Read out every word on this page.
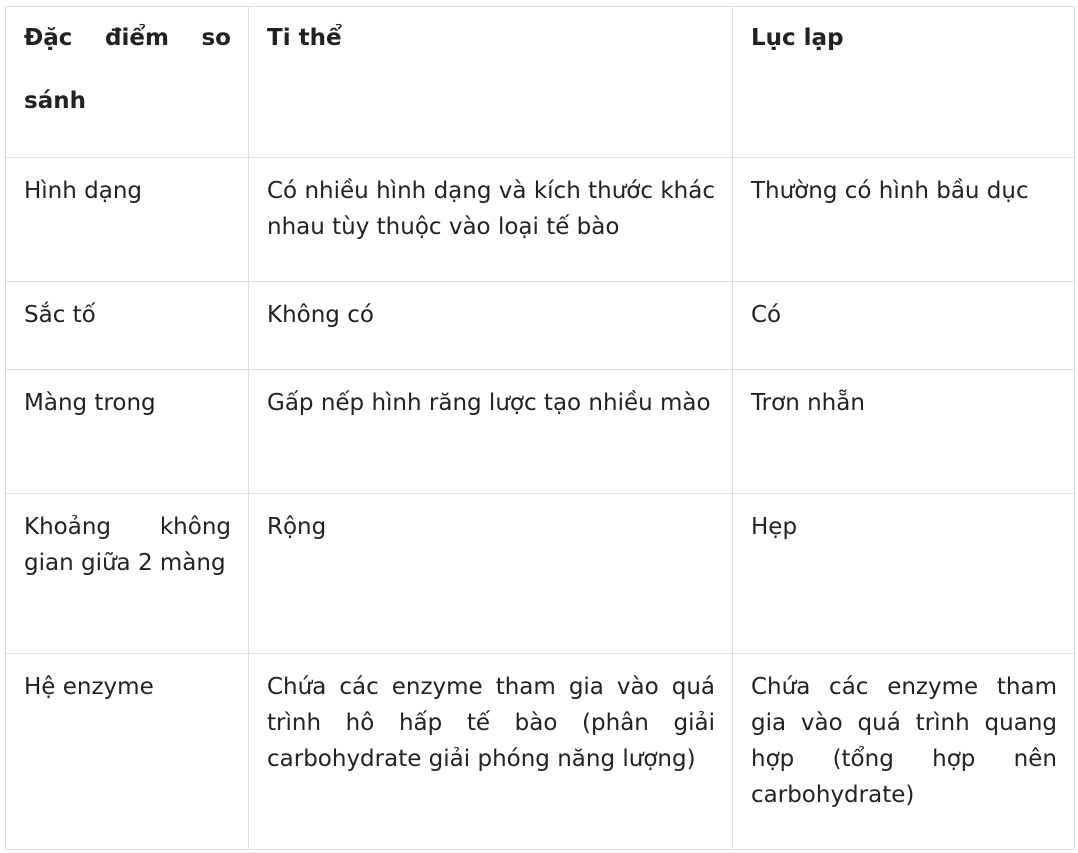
Đặc điểm so sánh	Ti thể	Lục lạp

Hình dạng	Có nhiều hình dạng và kích thước khác nhau tùy thuộc vào loại tế bào	Thường có hình bầu dục

Sắc tố	Không có	Có

Màng trong	Gấp nếp hình răng lược tạo nhiều mào	Trơn nhẵn

Khoảng không gian giữa 2 màng	Rộng	Hẹp

Hệ enzyme	Chứa các enzyme tham gia vào quá trình hô hấp tế bào (phân giải carbohydrate giải phóng năng lượng)	Chứa các enzyme tham gia vào quá trình quang hợp (tổng hợp nên carbohydrate)
